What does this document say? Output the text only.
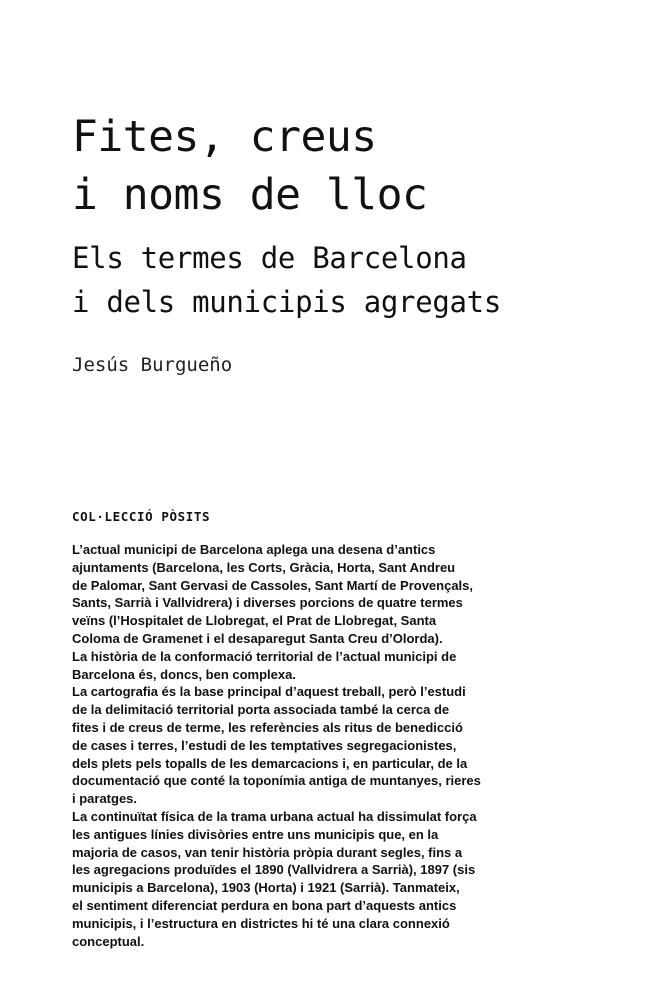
Fites, creus
i noms de lloc
Els termes de Barcelona
i dels municipis agregats

Jesús Burgueño

COL·LECCIÓ PÒSITS

L’actual municipi de Barcelona aplega una desena d’antics
ajuntaments (Barcelona, les Corts, Gràcia, Horta, Sant Andreu
de Palomar, Sant Gervasi de Cassoles, Sant Martí de Provençals,
Sants, Sarrià i Vallvidrera) i diverses porcions de quatre termes
veïns (l’Hospitalet de Llobregat, el Prat de Llobregat, Santa
Coloma de Gramenet i el desaparegut Santa Creu d’Olorda).
La història de la conformació territorial de l’actual municipi de
Barcelona és, doncs, ben complexa.
La cartografia és la base principal d’aquest treball, però l’estudi
de la delimitació territorial porta associada també la cerca de
fites i de creus de terme, les referències als ritus de benedicció
de cases i terres, l’estudi de les temptatives segregacionistes,
dels plets pels topalls de les demarcacions i, en particular, de la
documentació que conté la toponímia antiga de muntanyes, rieres
i paratges.
La continuïtat física de la trama urbana actual ha dissimulat força
les antigues línies divisòries entre uns municipis que, en la
majoria de casos, van tenir història pròpia durant segles, fins a
les agregacions produïdes el 1890 (Vallvidrera a Sarrià), 1897 (sis
municipis a Barcelona), 1903 (Horta) i 1921 (Sarrià). Tanmateix,
el sentiment diferenciat perdura en bona part d’aquests antics
municipis, i l’estructura en districtes hi té una clara connexió
conceptual.
